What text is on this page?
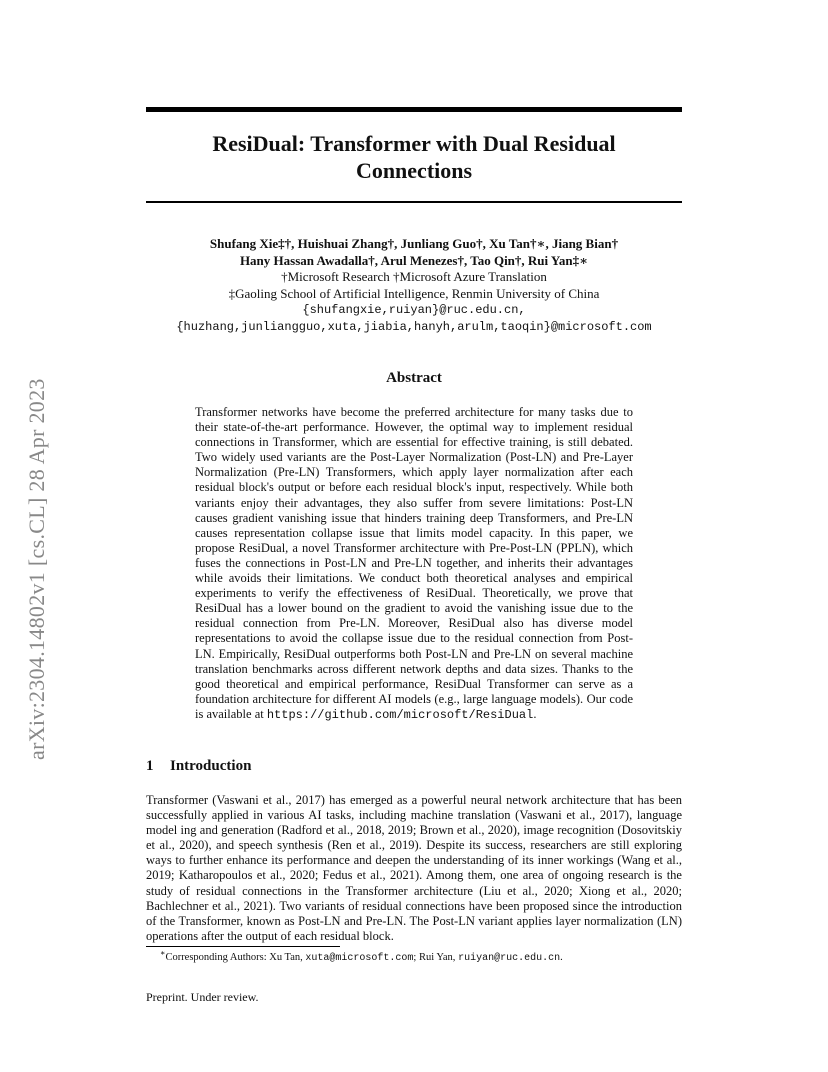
arXiv:2304.14802v1 [cs.CL] 28 Apr 2023
ResiDual: Transformer with Dual Residual
Connections
Shufang Xie‡†, Huishuai Zhang†, Junliang Guo†, Xu Tan†∗, Jiang Bian†
Hany Hassan Awadalla†, Arul Menezes†, Tao Qin†, Rui Yan‡∗
†Microsoft Research †Microsoft Azure Translation
‡Gaoling School of Artificial Intelligence, Renmin University of China
{shufangxie,ruiyan}@ruc.edu.cn,
{huzhang,junliangguo,xuta,jiabia,hanyh,arulm,taoqin}@microsoft.com
Abstract
Transformer networks have become the preferred architecture for many tasks due to their state-of-the-art performance. However, the optimal way to implement residual connections in Transformer, which are essential for effective training, is still debated. Two widely used variants are the Post-Layer Normalization (Post-LN) and Pre-Layer Normalization (Pre-LN) Transformers, which apply layer normalization after each residual block's output or before each residual block's input, respectively. While both variants enjoy their advantages, they also suffer from severe limitations: Post-LN causes gradient vanishing issue that hinders training deep Transformers, and Pre-LN causes representation collapse issue that limits model capacity. In this paper, we propose ResiDual, a novel Transformer architecture with Pre-Post-LN (PPLN), which fuses the connections in Post-LN and Pre-LN together, and inherits their advantages while avoids their limitations. We conduct both theoretical analyses and empirical experiments to verify the effectiveness of ResiDual. Theoretically, we prove that ResiDual has a lower bound on the gradient to avoid the vanishing issue due to the residual connection from Pre-LN. Moreover, ResiDual also has diverse model representations to avoid the collapse issue due to the residual connection from Post-LN. Empirically, ResiDual outperforms both Post-LN and Pre-LN on several machine translation benchmarks across different network depths and data sizes. Thanks to the good theoretical and empirical performance, ResiDual Transformer can serve as a foundation architecture for different AI models (e.g., large language models). Our code is available at https://github.com/microsoft/ResiDual.
1 Introduction
Transformer (Vaswani et al., 2017) has emerged as a powerful neural network architecture that has been successfully applied in various AI tasks, including machine translation (Vaswani et al., 2017), language model ing and generation (Radford et al., 2018, 2019; Brown et al., 2020), image recognition (Dosovitskiy et al., 2020), and speech synthesis (Ren et al., 2019). Despite its success, researchers are still exploring ways to further enhance its performance and deepen the understanding of its inner workings (Wang et al., 2019; Katharopoulos et al., 2020; Fedus et al., 2021). Among them, one area of ongoing research is the study of residual connections in the Transformer architecture (Liu et al., 2020; Xiong et al., 2020; Bachlechner et al., 2021). Two variants of residual connections have been proposed since the introduction of the Transformer, known as Post-LN and Pre-LN. The Post-LN variant applies layer normalization (LN) operations after the output of each residual block.
∗Corresponding Authors: Xu Tan, xuta@microsoft.com; Rui Yan, ruiyan@ruc.edu.cn.
Preprint. Under review.
